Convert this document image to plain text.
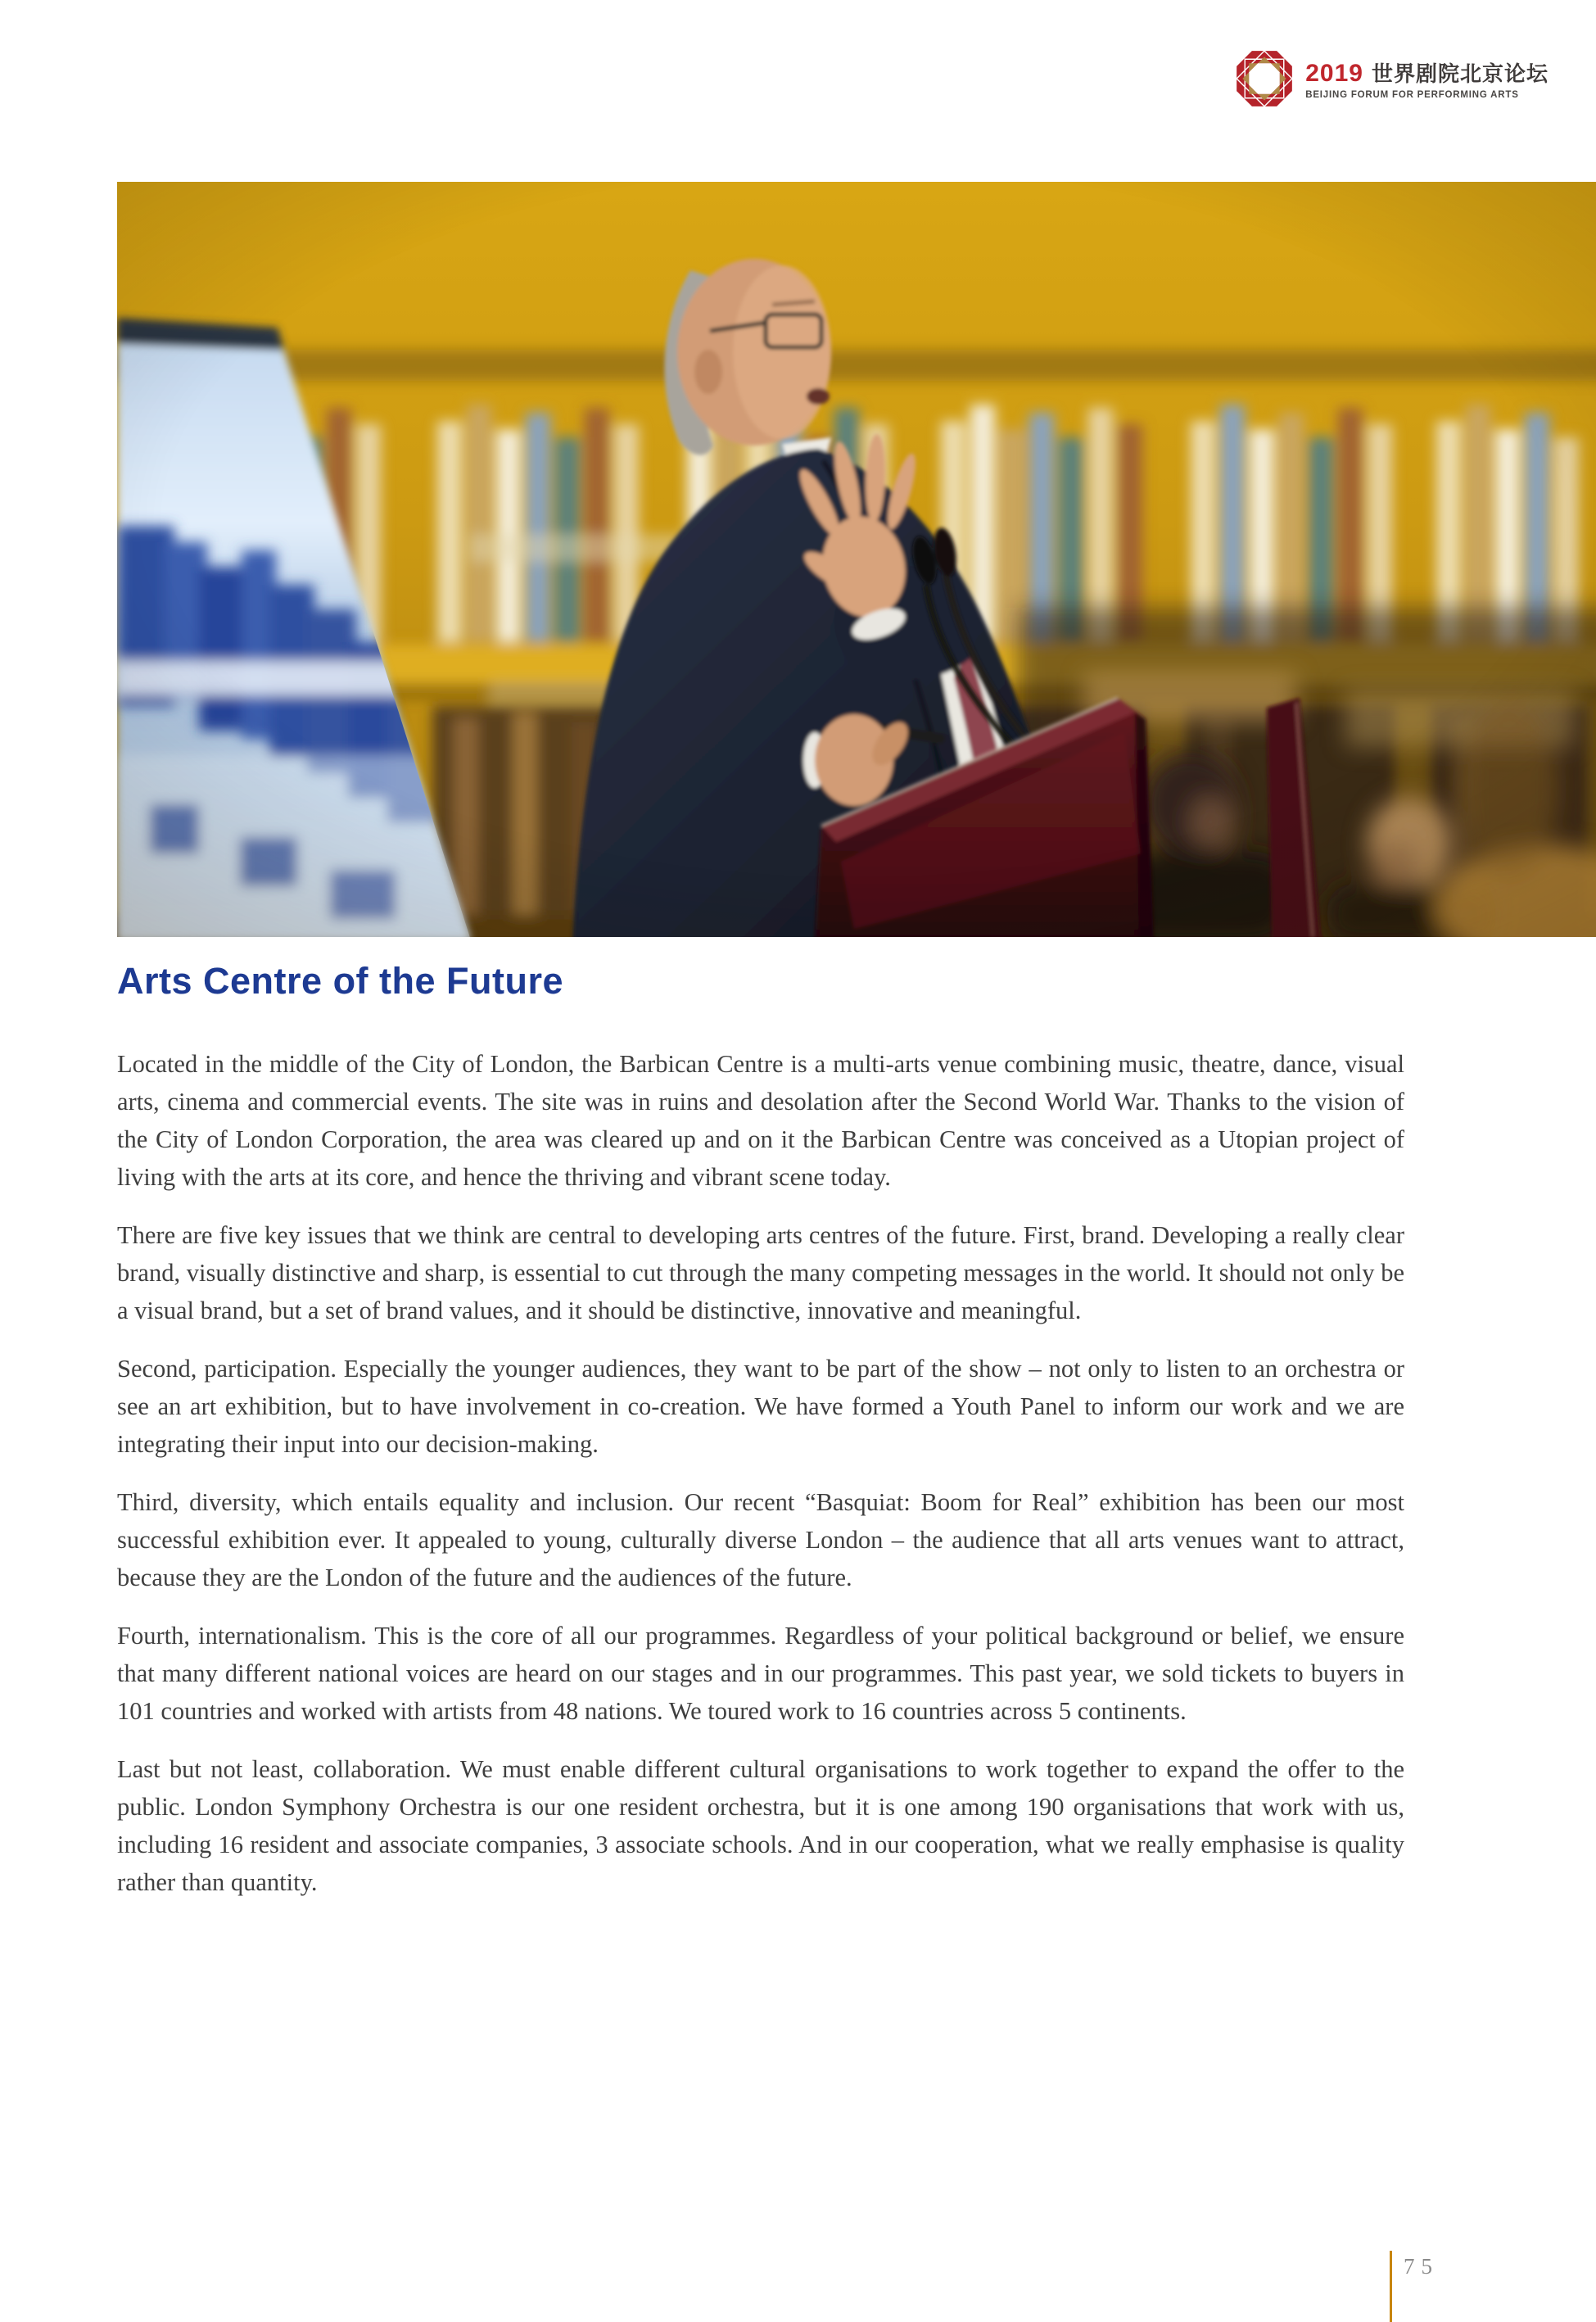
2019 世界剧院北京论坛
BEIJING FORUM FOR PERFORMING ARTS
Arts Centre of the Future

Located in the middle of the City of London, the Barbican Centre is a multi-arts venue combining music, theatre, dance, visual arts, cinema and commercial events. The site was in ruins and desolation after the Second World War. Thanks to the vision of the City of London Corporation, the area was cleared up and on it the Barbican Centre was conceived as a Utopian project of living with the arts at its core, and hence the thriving and vibrant scene today.

There are five key issues that we think are central to developing arts centres of the future. First, brand. Developing a really clear brand, visually distinctive and sharp, is essential to cut through the many competing messages in the world. It should not only be a visual brand, but a set of brand values, and it should be distinctive, innovative and meaningful.

Second, participation. Especially the younger audiences, they want to be part of the show – not only to listen to an orchestra or see an art exhibition, but to have involvement in co-creation. We have formed a Youth Panel to inform our work and we are integrating their input into our decision-making.

Third, diversity, which entails equality and inclusion. Our recent “Basquiat: Boom for Real” exhibition has been our most successful exhibition ever. It appealed to young, culturally diverse London – the audience that all arts venues want to attract, because they are the London of the future and the audiences of the future.

Fourth, internationalism. This is the core of all our programmes. Regardless of your political background or belief, we ensure that many different national voices are heard on our stages and in our programmes. This past year, we sold tickets to buyers in 101 countries and worked with artists from 48 nations. We toured work to 16 countries across 5 continents.

Last but not least, collaboration. We must enable different cultural organisations to work together to expand the offer to the public. London Symphony Orchestra is our one resident orchestra, but it is one among 190 organisations that work with us, including 16 resident and associate companies, 3 associate schools. And in our cooperation, what we really emphasise is quality rather than quantity.

75
